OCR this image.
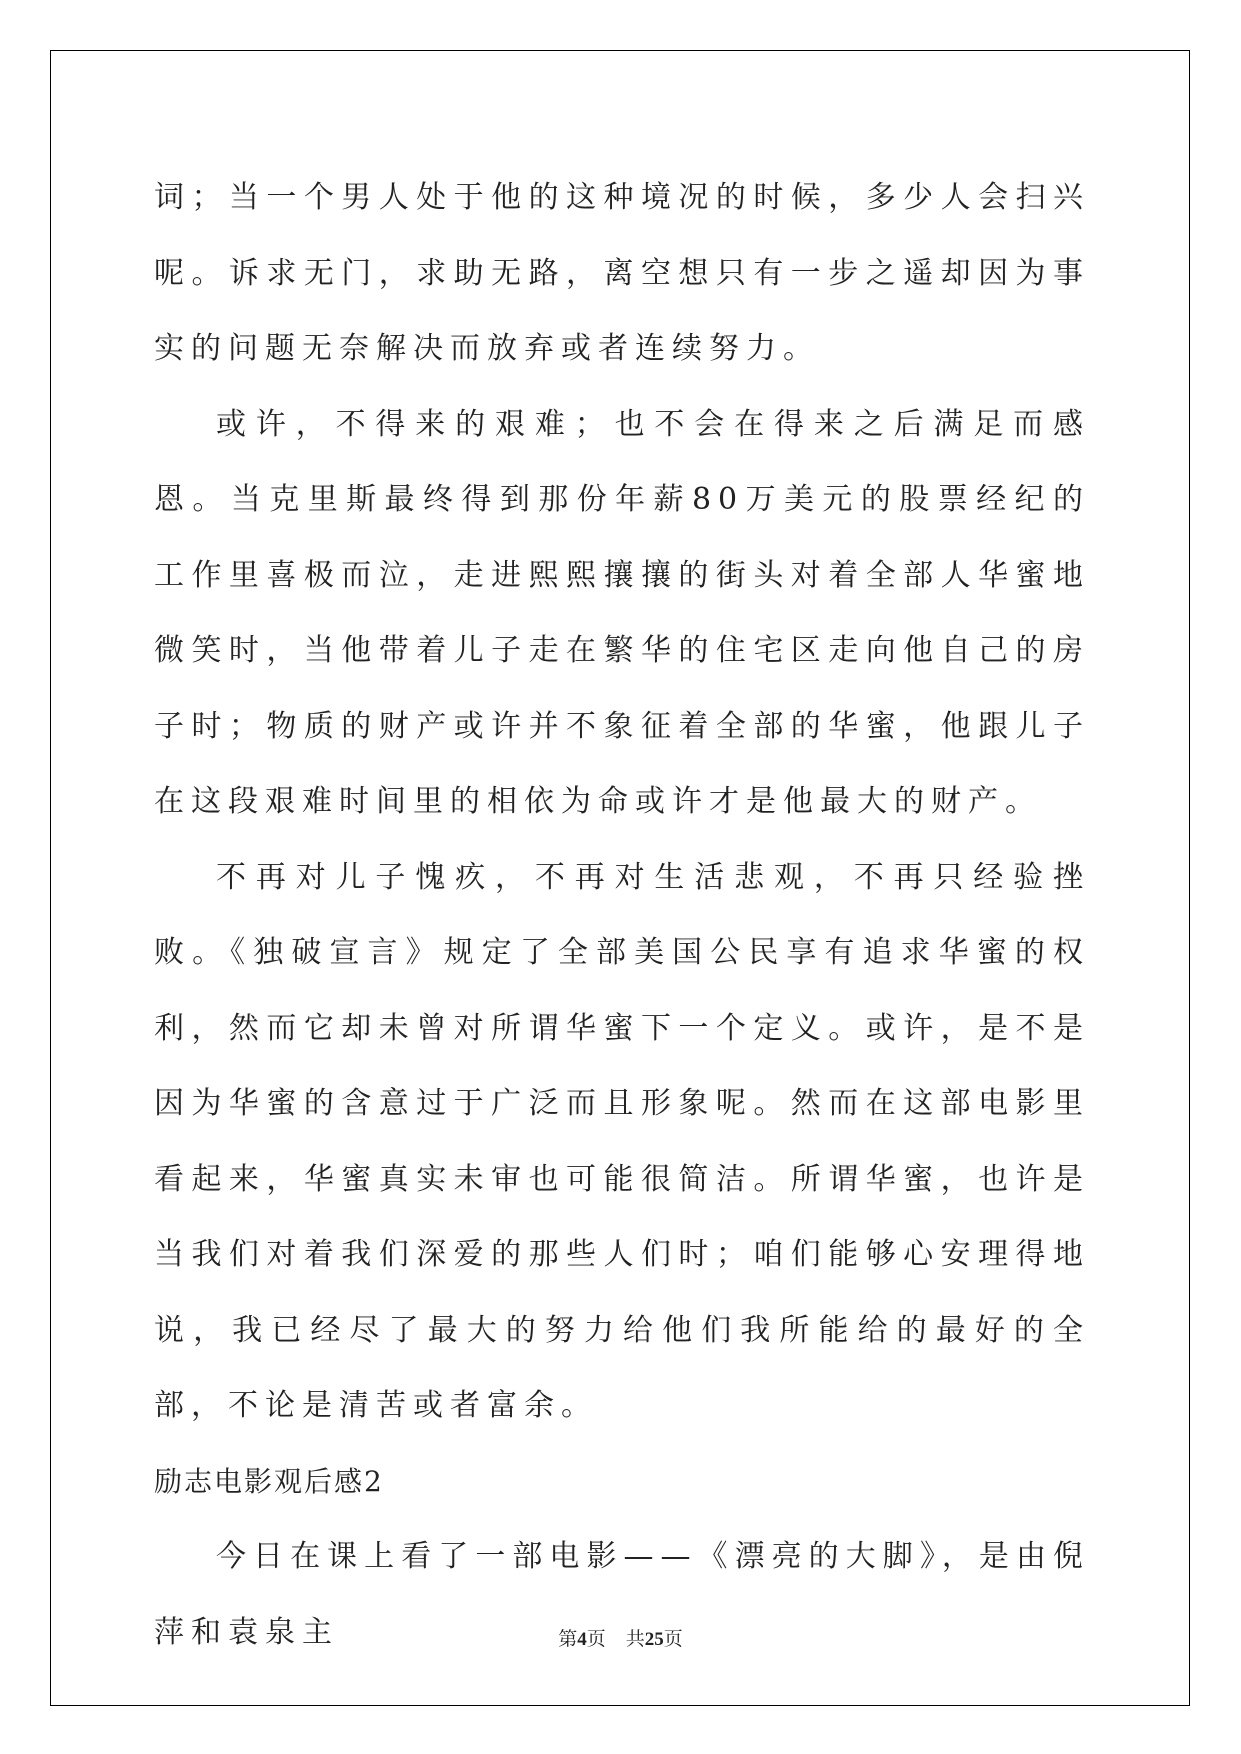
词；当一个男人处于他的这种境况的时候，多少人会扫兴呢。诉求无门，求助无路，离空想只有一步之遥却因为事实的问题无奈解决而放弃或者连续努力。

或许，不得来的艰难；也不会在得来之后满足而感恩。当克里斯最终得到那份年薪80万美元的股票经纪的工作里喜极而泣，走进熙熙攘攘的街头对着全部人华蜜地微笑时，当他带着儿子走在繁华的住宅区走向他自己的房子时；物质的财产或许并不象征着全部的华蜜，他跟儿子在这段艰难时间里的相依为命或许才是他最大的财产。

不再对儿子愧疚，不再对生活悲观，不再只经验挫败。《独破宣言》规定了全部美国公民享有追求华蜜的权利，然而它却未曾对所谓华蜜下一个定义。或许，是不是因为华蜜的含意过于广泛而且形象呢。然而在这部电影里看起来，华蜜真实未审也可能很简洁。所谓华蜜，也许是当我们对着我们深爱的那些人们时；咱们能够心安理得地说，我已经尽了最大的努力给他们我所能给的最好的全部，不论是清苦或者富余。

励志电影观后感2

今日在课上看了一部电影——《漂亮的大脚》，是由倪萍和袁泉主	第4页 共25页
